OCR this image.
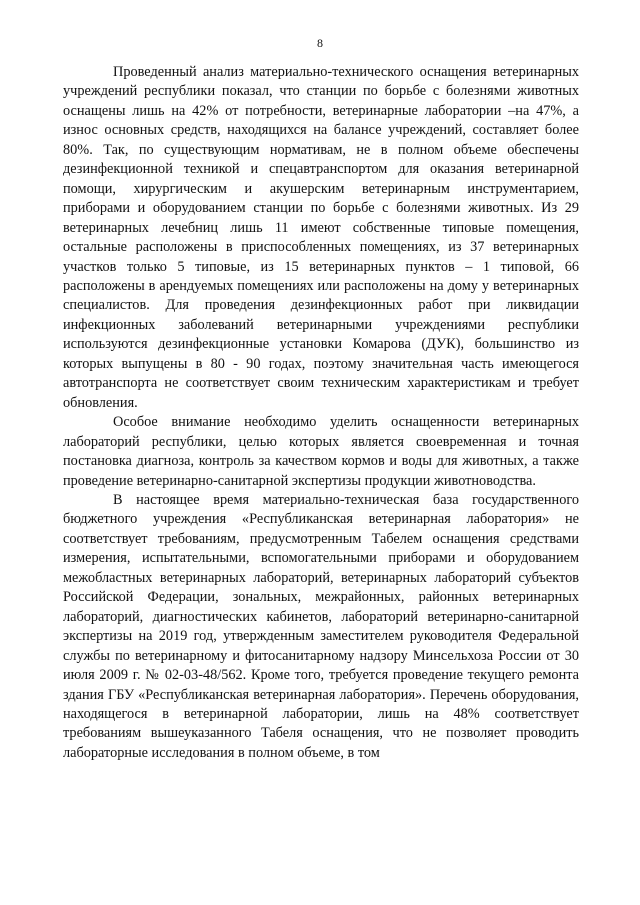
8

Проведенный анализ материально-технического оснащения ветеринарных учреждений республики показал, что станции по борьбе с болезнями животных оснащены лишь на 42% от потребности, ветеринарные лаборатории –на 47%, а износ основных средств, находящихся на балансе учреждений, составляет более 80%. Так, по существующим нормативам, не в полном объеме обеспечены дезинфекционной техникой и спецавтранспортом для оказания ветеринарной помощи, хирургическим и акушерским ветеринарным инструментарием, приборами и оборудованием станции по борьбе с болезнями животных. Из 29 ветеринарных лечебниц лишь 11 имеют собственные типовые помещения, остальные расположены в приспособленных помещениях, из 37 ветеринарных участков только 5 типовые, из 15 ветеринарных пунктов – 1 типовой, 66 расположены в арендуемых помещениях или расположены на дому у ветеринарных специалистов. Для проведения дезинфекционных работ при ликвидации инфекционных заболеваний ветеринарными учреждениями республики используются дезинфекционные установки Комарова (ДУК), большинство из которых выпущены в 80 - 90 годах, поэтому значительная часть имеющегося автотранспорта не соответствует своим техническим характеристикам и требует обновления.

Особое внимание необходимо уделить оснащенности ветеринарных лабораторий республики, целью которых является своевременная и точная постановка диагноза, контроль за качеством кормов и воды для животных, а также проведение ветеринарно-санитарной экспертизы продукции животноводства.

В настоящее время материально-техническая база государственного бюджетного учреждения «Республиканская ветеринарная лаборатория» не соответствует требованиям, предусмотренным Табелем оснащения средствами измерения, испытательными, вспомогательными приборами и оборудованием межобластных ветеринарных лабораторий, ветеринарных лабораторий субъектов Российской Федерации, зональных, межрайонных, районных ветеринарных лабораторий, диагностических кабинетов, лабораторий ветеринарно-санитарной экспертизы на 2019 год, утвержденным заместителем руководителя Федеральной службы по ветеринарному и фитосанитарному надзору Минсельхоза России от 30 июля 2009 г. № 02-03-48/562. Кроме того, требуется проведение текущего ремонта здания ГБУ «Республиканская ветеринарная лаборатория». Перечень оборудования, находящегося в ветеринарной лаборатории, лишь на 48% соответствует требованиям вышеуказанного Табеля оснащения, что не позволяет проводить лабораторные исследования в полном объеме, в том
